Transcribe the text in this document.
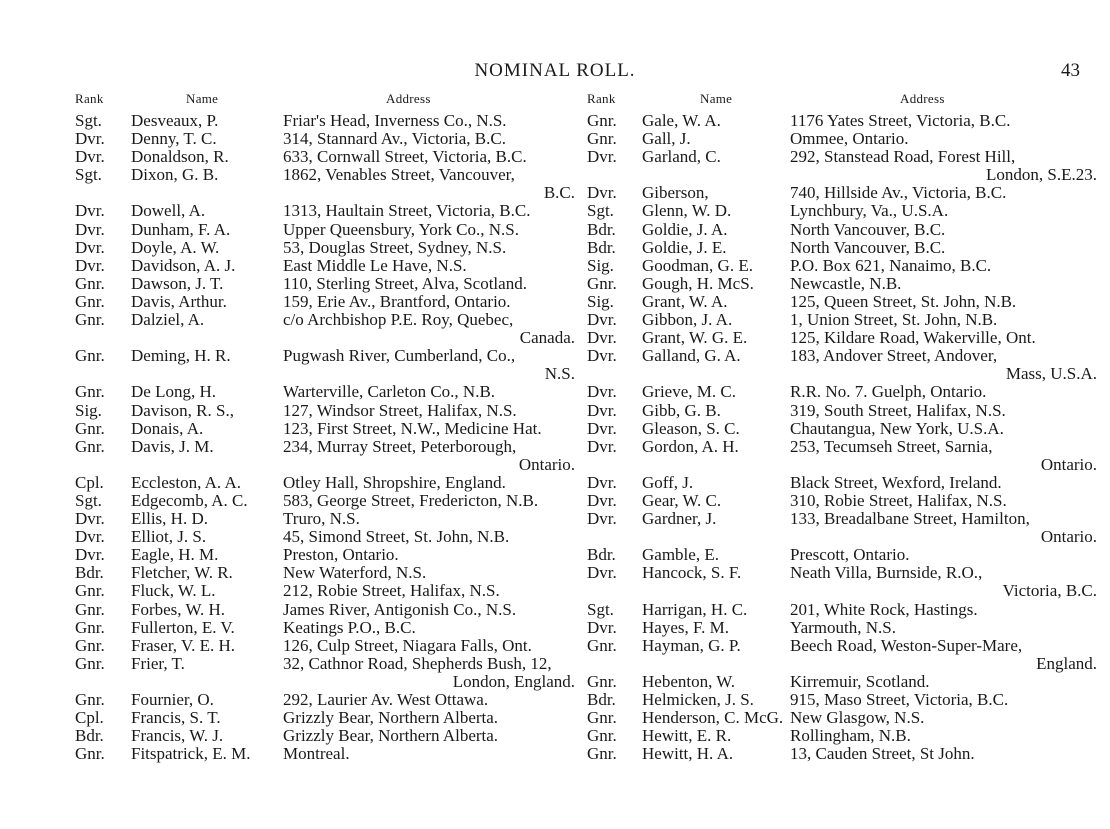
NOMINAL ROLL.	43
Rank	Name	Address	Rank	Name	Address
Sgt.	Desveaux, P.	Friar's Head, Inverness Co., N.S.
Dvr.	Denny, T. C.	314, Stannard Av., Victoria, B.C.
Dvr.	Donaldson, R.	633, Cornwall Street, Victoria, B.C.
Sgt.	Dixon, G. B.	1862, Venables Street, Vancouver,
B.C.
Dvr.	Dowell, A.	1313, Haultain Street, Victoria, B.C.
Dvr.	Dunham, F. A.	Upper Queensbury, York Co., N.S.
Dvr.	Doyle, A. W.	53, Douglas Street, Sydney, N.S.
Dvr.	Davidson, A. J.	East Middle Le Have, N.S.
Gnr.	Dawson, J. T.	110, Sterling Street, Alva, Scotland.
Gnr.	Davis, Arthur.	159, Erie Av., Brantford, Ontario.
Gnr.	Dalziel, A.	c/o Archbishop P.E. Roy, Quebec,
Canada.
Gnr.	Deming, H. R.	Pugwash River, Cumberland, Co.,
N.S.
Gnr.	De Long, H.	Warterville, Carleton Co., N.B.
Sig.	Davison, R. S.,	127, Windsor Street, Halifax, N.S.
Gnr.	Donais, A.	123, First Street, N.W., Medicine Hat.
Gnr.	Davis, J. M.	234, Murray Street, Peterborough,
Ontario.
Cpl.	Eccleston, A. A.	Otley Hall, Shropshire, England.
Sgt.	Edgecomb, A. C.	583, George Street, Fredericton, N.B.
Dvr.	Ellis, H. D.	Truro, N.S.
Dvr.	Elliot, J. S.	45, Simond Street, St. John, N.B.
Dvr.	Eagle, H. M.	Preston, Ontario.
Bdr.	Fletcher, W. R.	New Waterford, N.S.
Gnr.	Fluck, W. L.	212, Robie Street, Halifax, N.S.
Gnr.	Forbes, W. H.	James River, Antigonish Co., N.S.
Gnr.	Fullerton, E. V.	Keatings P.O., B.C.
Gnr.	Fraser, V. E. H.	126, Culp Street, Niagara Falls, Ont.
Gnr.	Frier, T.	32, Cathnor Road, Shepherds Bush, 12,
London, England.
Gnr.	Fournier, O.	292, Laurier Av. West Ottawa.
Cpl.	Francis, S. T.	Grizzly Bear, Northern Alberta.
Bdr.	Francis, W. J.	Grizzly Bear, Northern Alberta.
Gnr.	Fitspatrick, E. M.	Montreal.
Gnr.	Gale, W. A.	1176 Yates Street, Victoria, B.C.
Gnr.	Gall, J.	Ommee, Ontario.
Dvr.	Garland, C.	292, Stanstead Road, Forest Hill,
London, S.E.23.
Dvr.	Giberson,	740, Hillside Av., Victoria, B.C.
Sgt.	Glenn, W. D.	Lynchbury, Va., U.S.A.
Bdr.	Goldie, J. A.	North Vancouver, B.C.
Bdr.	Goldie, J. E.	North Vancouver, B.C.
Sig.	Goodman, G. E.	P.O. Box 621, Nanaimo, B.C.
Gnr.	Gough, H. McS.	Newcastle, N.B.
Sig.	Grant, W. A.	125, Queen Street, St. John, N.B.
Dvr.	Gibbon, J. A.	1, Union Street, St. John, N.B.
Dvr.	Grant, W. G. E.	125, Kildare Road, Wakerville, Ont.
Dvr.	Galland, G. A.	183, Andover Street, Andover,
Mass, U.S.A.
Dvr.	Grieve, M. C.	R.R. No. 7. Guelph, Ontario.
Dvr.	Gibb, G. B.	319, South Street, Halifax, N.S.
Dvr.	Gleason, S. C.	Chautangua, New York, U.S.A.
Dvr.	Gordon, A. H.	253, Tecumseh Street, Sarnia,
Ontario.
Dvr.	Goff, J.	Black Street, Wexford, Ireland.
Dvr.	Gear, W. C.	310, Robie Street, Halifax, N.S.
Dvr.	Gardner, J.	133, Breadalbane Street, Hamilton,
Ontario.
Bdr.	Gamble, E.	Prescott, Ontario.
Dvr.	Hancock, S. F.	Neath Villa, Burnside, R.O.,
Victoria, B.C.
Sgt.	Harrigan, H. C.	201, White Rock, Hastings.
Dvr.	Hayes, F. M.	Yarmouth, N.S.
Gnr.	Hayman, G. P.	Beech Road, Weston-Super-Mare,
England.
Gnr.	Hebenton, W.	Kirremuir, Scotland.
Bdr.	Helmicken, J. S.	915, Maso Street, Victoria, B.C.
Gnr.	Henderson, C. McG. New Glasgow, N.S.
Gnr.	Hewitt, E. R.	Rollingham, N.B.
Gnr.	Hewitt, H. A.	13, Cauden Street, St John.
